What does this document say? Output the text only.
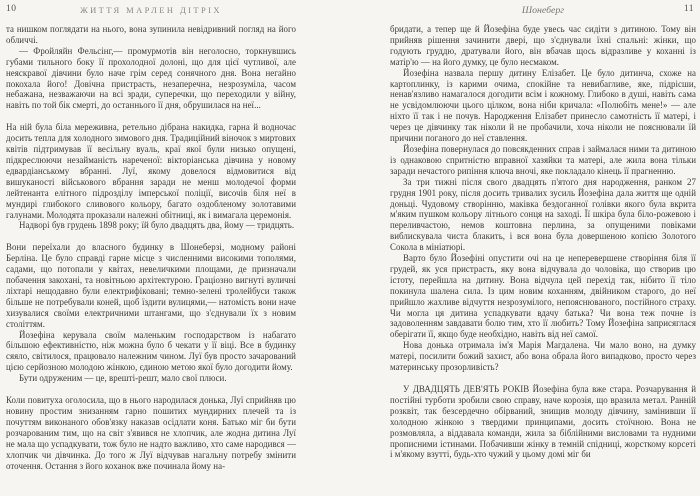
10	ЖИТТЯ МАРЛЕН ДІТРІХ

та нишком поглядати на нього, вона зупинила невідривний погляд на його обличчі.

— Фройляйн Фельсінг,— промурмотів він неголосно, торкнувшись губами тильного боку її прохолодної долоні, що для цієї чутливої, але неяскравої дівчини було наче грім серед сонячного дня. Вона негайно покохала його! Довічна пристрасть, незаперечна, незрозуміла, часом небажана, незважаючи на всі зради, суперечки, що переходили у війну, навіть по той бік смерті, до останнього її дня, обрушилася на неї...

На ній була біла мереживна, ретельно дібрана накидка, гарна й водночас досить тепла для холодного зимового дня. Традиційний віночок з миртових квітів підтримував її весільну вуаль, краї якої були низько опущені, підкреслюючи незайманість нареченої: вікторіанська дівчина у новому едвардіанському вбранні. Луї, якому довелося відмовитися від вишуканості військового вбрання заради не менш молодечої форми лейтенанта елітного підрозділу імперської поліції, височів біля неї в мундирі глибокого сливового кольору, багато оздобленому золотавими галунами. Молодята проказали належні обітниці, як і вимагала церемонія.

Надворі був грудень 1898 року; їй було двадцять два, йому — тридцять.

Вони переїхали до власного будинку в Шонеберзі, модному районі Берліна. Це було справді гарне місце з численними високими тополями, садами, що потопали у квітах, невеличкими площами, де призначали побачення закохані, та новітньою архітектурою. Граціозно вигнуті вуличні ліхтарі нещодавно були електрифіковані; темно-зелені тролейбуси також більше не потребували коней, щоб їздити вулицями,— натомість вони наче хизувалися своїми електричними штангами, що з'єднували їх з новим століттям.

Йозефіна керувала своїм маленьким господарством із набагато більшою ефективністю, ніж можна було б чекати у її віці. Все в будинку сяяло, світилося, працювало належним чином. Луї був просто зачарований цією серйозною молодою жінкою, єдиною метою якої було догодити йому.

Бути одруженим — це, врешті-решт, мало свої плюси.

Коли повитуха оголосила, що в нього народилася донька, Луї сприйняв цю новину простим знизанням гарно пошитих мундирних плечей та із почуттям виконаного обов'язку наказав осідлати коня. Батько міг би бути розчарованим тим, що на світ з'явився не хлопчик, але жодна дитина Луї не мала що успадкувати, тож було не надто важливо, хто саме народився — хлопчик чи дівчинка. До того ж Луї відчував нагальну потребу змінити оточення. Остання з його коханок вже починала йому на-

Шонеберг	11

бридати, а тепер ще й Йозефіна буде увесь час сидіти з дитиною. Тому він прийняв рішення зачинити двері, що з'єднували їхні спальні: жінки, що годують груддю, дратували його, він вбачав щось відразливе у коханні із матір'ю — на його думку, це було несмаком.

Йозефіна назвала першу дитину Елізабет. Це було дитинча, схоже на картоплинку, із карими очима, спокійне та невибагливе, яке, підрісши, ненав'язливо намагалося догодити всім і кожному. Глибоко в душі, навіть сама не усвідомлюючи цього цілком, вона ніби кричала: «Полюбіть мене!» — але ніхто її так і не почув. Народження Елізабет принесло самотність її матері, і через це дівчинку так ніколи й не пробачили, хоча ніколи не пояснювали їй причини поганого до неї ставлення.

Йозефіна повернулася до повсякденних справ і займалася ними та дитиною із однаковою спритністю вправної хазяйки та матері, але жила вона тільки заради нечастого рипіння ключа вночі, яке покладало кінець її прагненню.

За три тижні після свого двадцять п'ятого дня народження, ранком 27 грудня 1901 року, після досить тривалих зусиль Йозефіна дала життя ще одній доньці. Чудовому створінню, маківка бездоганної голівки якого була вкрита м'яким пушком кольору літнього сонця на заході. Її шкіра була біло-рожевою і переливчастою, немов коштовна перлина, за опущеними повіками виблискувала чиста блакить, і вся вона була довершеною копією Золотого Сокола в мініатюрі.

Варто було Йозефіні опустити очі на це неперевершене створіння біля її грудей, як уся пристрасть, яку вона відчувала до чоловіка, що створив цю істоту, перейшла на дитину. Вона відчула цей перехід так, нібито її тіло покинула шалена сила. Із цим новим коханням, двійником старого, до неї прийшло жахливе відчуття незрозумілого, непояснюваного, постійного страху. Чи могла ця дитина успадкувати вдачу батька? Чи вона теж почне із задоволенням завдавати болю тим, хто її любить? Тому Йозефіна заприсяглася оберігати її, якщо буде необхідно, навіть від неї самої.

Нова донька отримала ім'я Марія Магдалена. Чи мало воно, на думку матері, посилити божий захист, або вона обрала його випадково, просто через материнську прозорливість?

У ДВАДЦЯТЬ ДЕВ'ЯТЬ РОКІВ Йозефіна була вже стара. Розчарування й постійні турботи зробили свою справу, наче корозія, що вразила метал. Ранній розквіт, так безсердечно обірваний, знищив молоду дівчину, замінивши її холодною жінкою з твердими принципами, досить стоїчною. Вона не розмовляла, а віддавала команди, жила за біблійними висловами та нудними прописними істинами. Побачивши жінку в темній спідниці, жорсткому корсеті і м'якому взутті, будь-хто чужий у цьому домі міг би
